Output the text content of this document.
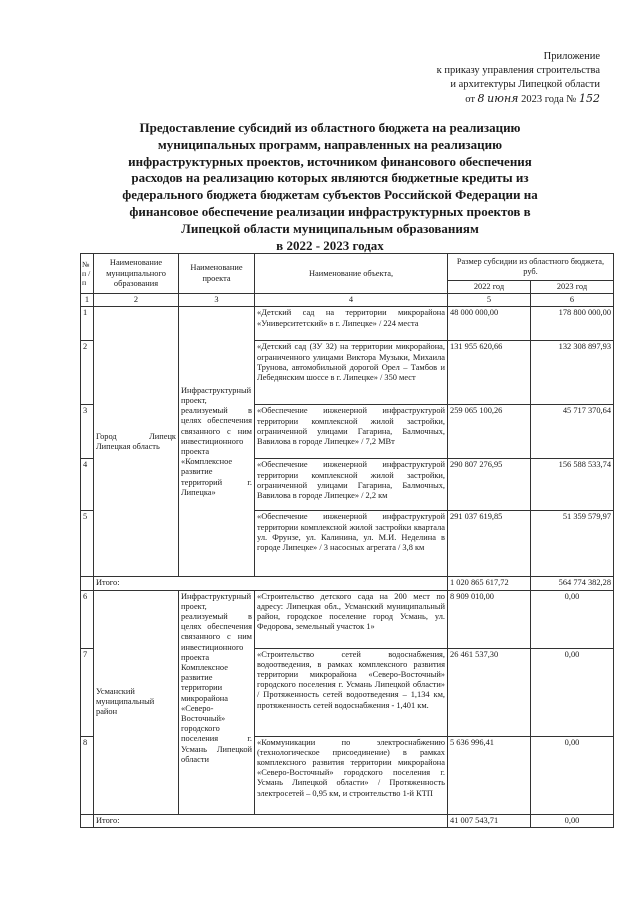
Приложение
к приказу управления строительства
и архитектуры Липецкой области
от 8 июня 2023 года № 152
Предоставление субсидий из областного бюджета на реализацию
муниципальных программ, направленных на реализацию
инфраструктурных проектов, источником финансового обеспечения
расходов на реализацию которых являются бюджетные кредиты из
федерального бюджета бюджетам субъектов Российской Федерации на
финансовое обеспечение реализации инфраструктурных проектов в
Липецкой области муниципальным образованиям
в 2022 - 2023 годах
№ п / п	Наименование муниципального образования	Наименование проекта	Наименование объекта,	Размер субсидии из областного бюджета, руб.	
				2022 год	2023 год
1	2	3	4	5	6
1	Город Липецк Липецкая область	Инфраструктурный проект, реализуемый в целях обеспечения связанного с ним инвестиционного проекта «Комплексное развитие территорий г. Липецка»	«Детский сад на территории микрорайона «Университетский» в г. Липецке» / 224 места	48 000 000,00	178 800 000,00
2			«Детский сад (ЗУ 32) на территории микрорайона, ограниченного улицами Виктора Музыки, Михаила Трунова, автомобильной дорогой Орел – Тамбов и Лебедянским шоссе в г. Липецке» / 350 мест	131 955 620,66	132 308 897,93
3			«Обеспечение инженерной инфраструктурой территории комплексной жилой застройки, ограниченной улицами Гагарина, Балмочных, Вавилова в городе Липецке» / 7,2 МВт	259 065 100,26	45 717 370,64
4			«Обеспечение инженерной инфраструктурой территории комплексной жилой застройки, ограниченной улицами Гагарина, Балмочных, Вавилова в городе Липецке» / 2,2 км	290 807 276,95	156 588 533,74
5			«Обеспечение инженерной инфраструктурой территории комплексной жилой застройки квартала ул. Фрунзе, ул. Калинина, ул. М.И. Неделина в городе Липецке» / 3 насосных агрегата / 3,8 км	291 037 619,85	51 359 579,97
	Итого:			1 020 865 617,72	564 774 382,28
6	Усманский муниципальный район	Инфраструктурный проект, реализуемый в целях обеспечения связанного с ним инвестиционного проекта Комплексное развитие территории микрорайона «Северо-Восточный» городского поселения г. Усмань Липецкой области	«Строительство детского сада на 200 мест по адресу: Липецкая обл., Усманский муниципальный район, городское поселение город Усмань, ул. Федорова, земельный участок 1»	8 909 010,00	0,00
7			«Строительство сетей водоснабжения, водоотведения, в рамках комплексного развития территории микрорайона «Северо-Восточный» городского поселения г. Усмань Липецкой области» / Протяженность сетей водоотведения – 1,134 км, протяженность сетей водоснабжения - 1,401 км.	26 461 537,30	0,00
8			«Коммуникации по электроснабжению (технологическое присоединение) в рамках комплексного развития территории микрорайона «Северо-Восточный» городского поселения г. Усмань Липецкой области» / Протяженность электросетей – 0,95 км, и строительство 1-й КТП	5 636 996,41	0,00
	Итого:			41 007 543,71	0,00
